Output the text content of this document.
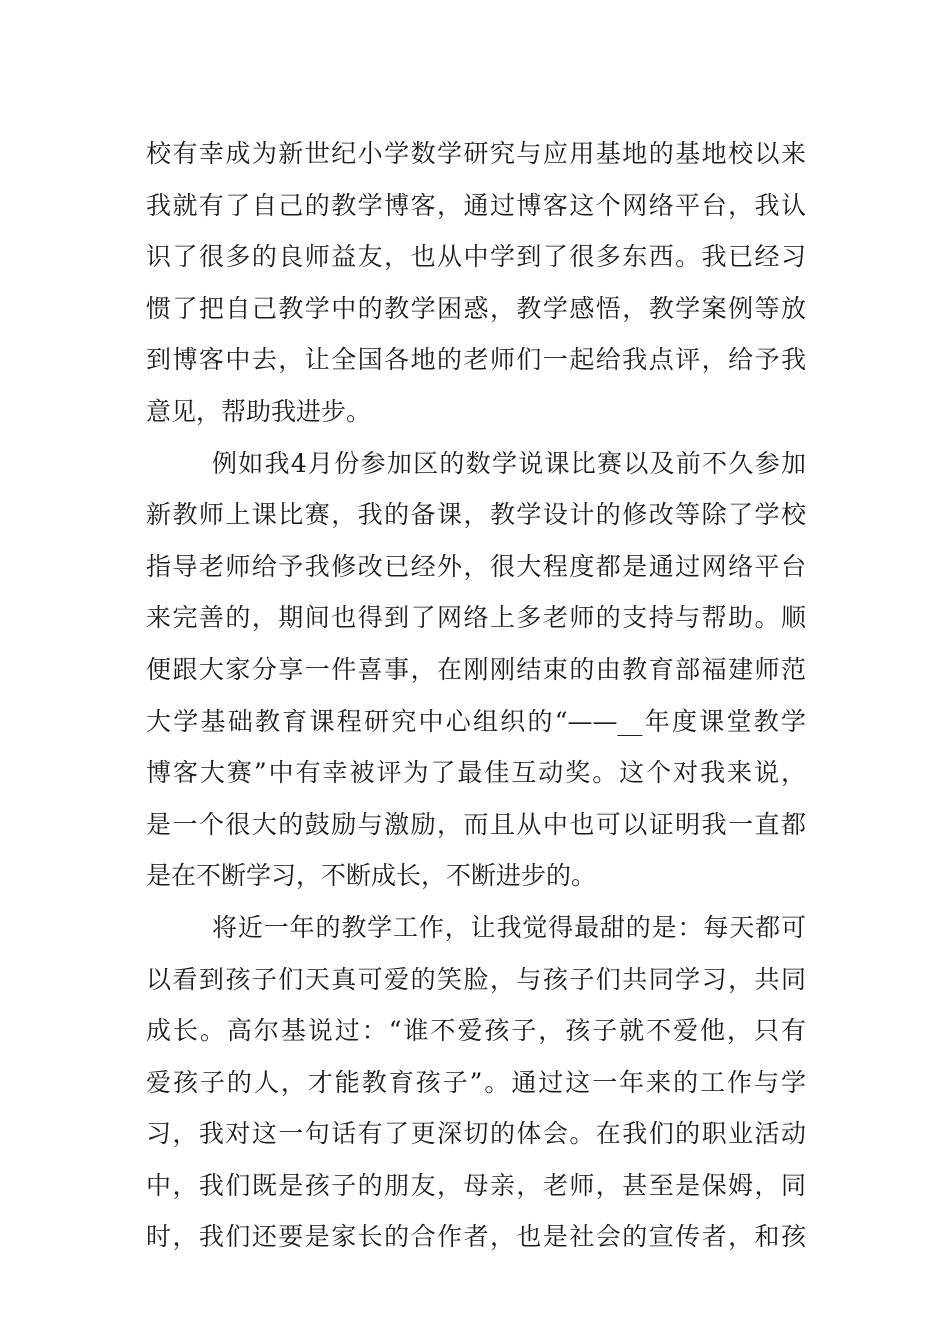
校有幸成为新世纪小学数学研究与应用基地的基地校以来
我就有了自己的教学博客，通过博客这个网络平台，我认
识了很多的良师益友，也从中学到了很多东西。我已经习
惯了把自己教学中的教学困惑，教学感悟，教学案例等放
到博客中去，让全国各地的老师们一起给我点评，给予我
意见，帮助我进步。
例如我4月份参加区的数学说课比赛以及前不久参加
新教师上课比赛，我的备课，教学设计的修改等除了学校
指导老师给予我修改已经外，很大程度都是通过网络平台
来完善的，期间也得到了网络上多老师的支持与帮助。顺
便跟大家分享一件喜事，在刚刚结束的由教育部福建师范
大学基础教育课程研究中心组织的“——__年度课堂教学
博客大赛”中有幸被评为了最佳互动奖。这个对我来说，
是一个很大的鼓励与激励，而且从中也可以证明我一直都
是在不断学习，不断成长，不断进步的。
将近一年的教学工作，让我觉得最甜的是：每天都可
以看到孩子们天真可爱的笑脸，与孩子们共同学习，共同
成长。高尔基说过：“谁不爱孩子，孩子就不爱他，只有
爱孩子的人，才能教育孩子”。通过这一年来的工作与学
习，我对这一句话有了更深切的体会。在我们的职业活动
中，我们既是孩子的朋友，母亲，老师，甚至是保姆，同
时，我们还要是家长的合作者，也是社会的宣传者，和孩
